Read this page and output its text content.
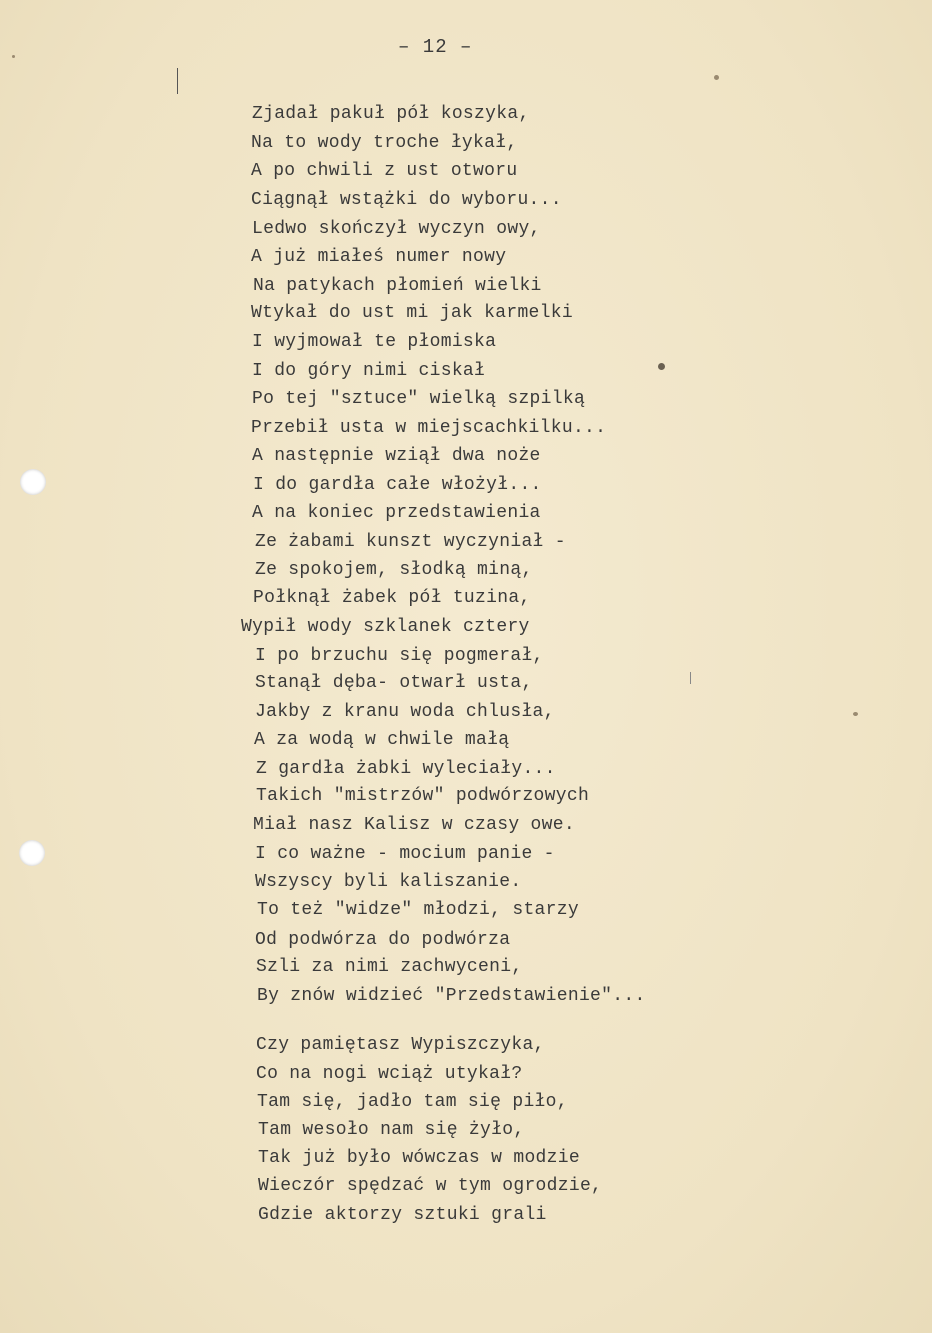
– 12 –
Zjadał pakuł pół koszyka,
Na to wody troche łykał,
A po chwili z ust otworu
Ciągnął wstążki do wyboru...
Ledwo skończył wyczyn owy,
A już miałeś numer nowy
Na patykach płomień wielki
Wtykał do ust mi jak karmelki
I wyjmował te płomiska
I do góry nimi ciskał
Po tej "sztuce" wielką szpilką
Przebił usta w miejscachkilku...
A następnie wziął dwa noże
I do gardła całe włożył...
A na koniec przedstawienia
Ze żabami kunszt wyczyniał -
Ze spokojem, słodką miną,
Połknął żabek pół tuzina,
Wypił wody szklanek cztery
I po brzuchu się pogmerał,
Stanął dęba- otwarł usta,
Jakby z kranu woda chlusła,
A za wodą w chwile małą
Z gardła żabki wyleciały...
Takich "mistrzów" podwórzowych
Miał nasz Kalisz w czasy owe.
I co ważne - mocium panie -
Wszyscy byli kaliszanie.
To też "widze" młodzi, starzy
Od podwórza do podwórza
Szli za nimi zachwyceni,
By znów widzieć "Przedstawienie"...
Czy pamiętasz Wypiszczyka,
Co na nogi wciąż utykał?
Tam się, jadło tam się piło,
Tam wesoło nam się żyło,
Tak już było wówczas w modzie
Wieczór spędzać w tym ogrodzie,
Gdzie aktorzy sztuki grali
